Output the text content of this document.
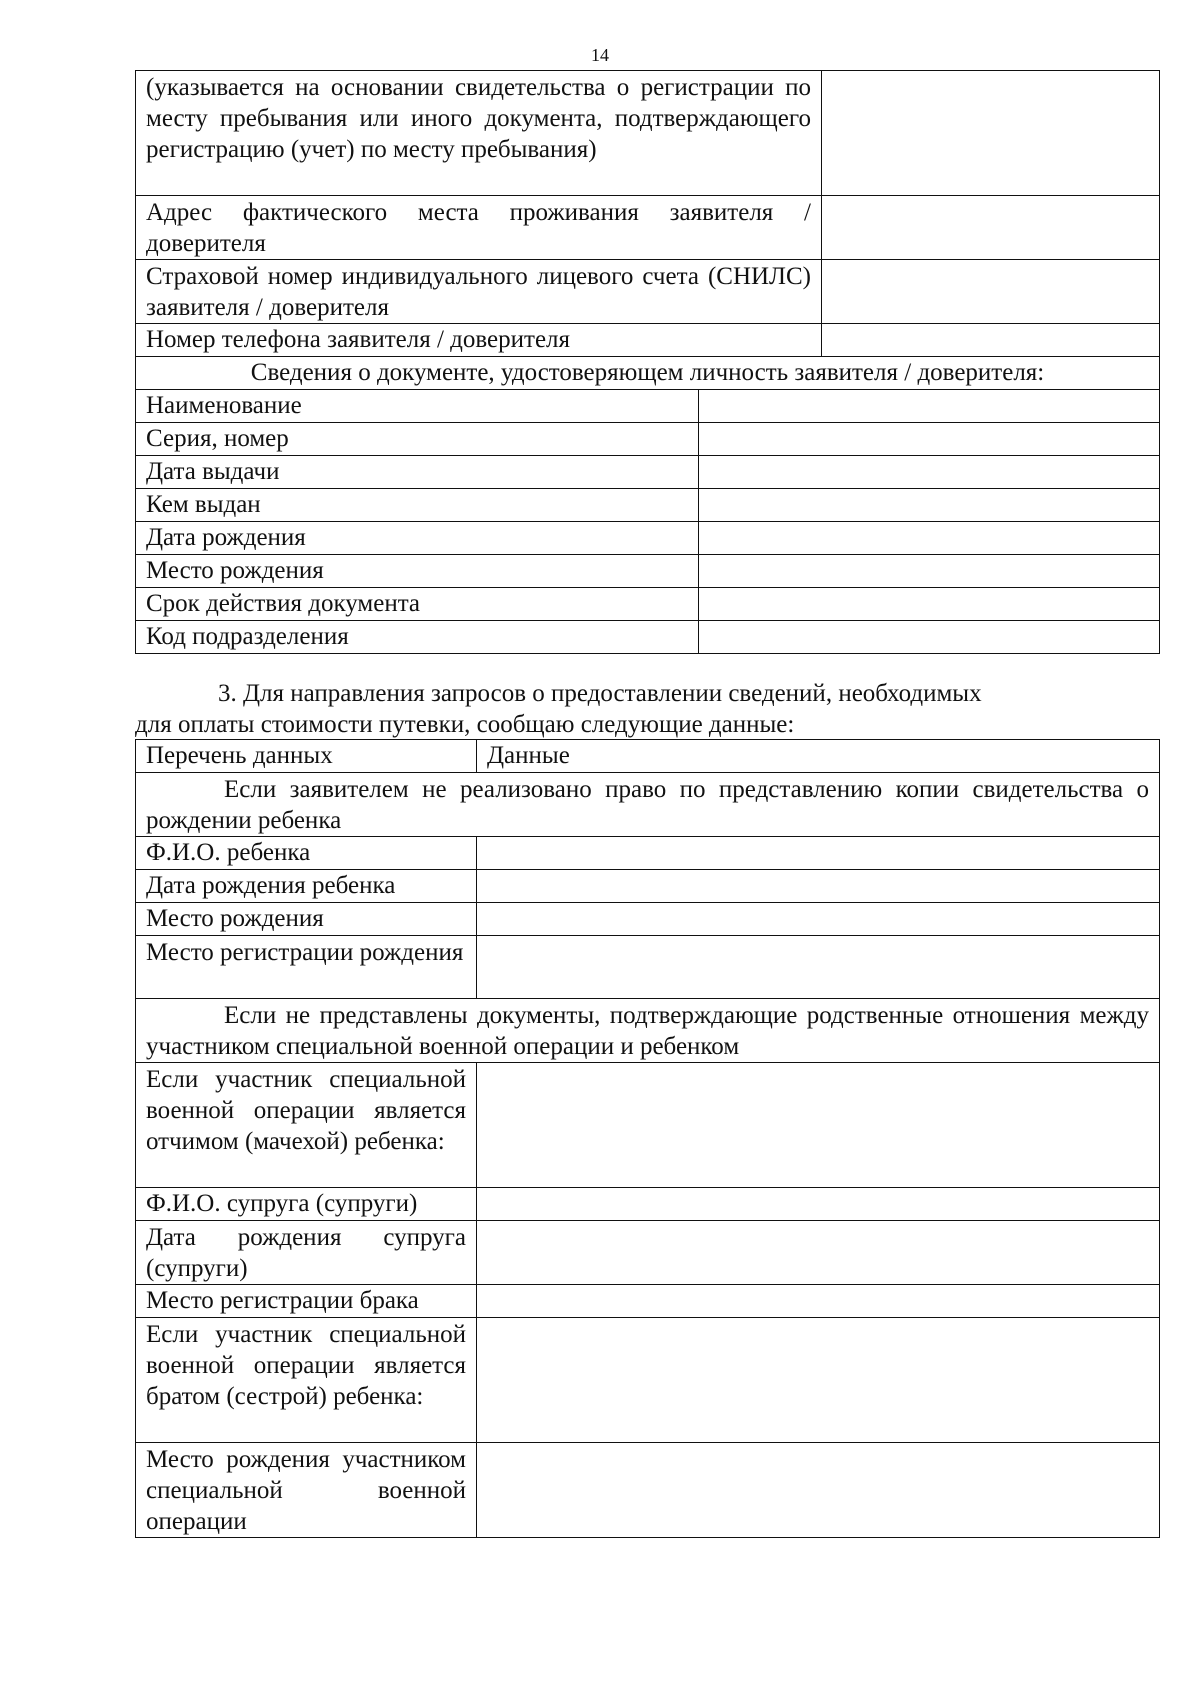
14
(указывается на основании свидетельства о регистрации по месту пребывания или иного документа, подтверждающего регистрацию (учет) по месту пребывания)		
Адрес фактического места проживания заявителя / доверителя		
Страховой номер индивидуального лицевого счета (СНИЛС) заявителя / доверителя		
Номер телефона заявителя / доверителя		
Сведения о документе, удостоверяющем личность заявителя / доверителя:		
Наименование		
Серия, номер		
Дата выдачи		
Кем выдан		
Дата рождения		
Место рождения		
Срок действия документа		
Код подразделения		

3. Для направления запросов о предоставлении сведений, необходимых

для оплаты стоимости путевки, сообщаю следующие данные:

Перечень данных	Данные
Если заявителем не реализовано право по представлению копии свидетельства о рождении ребенка	
Ф.И.О. ребенка	
Дата рождения ребенка	
Место рождения	
Место регистрации рождения	
Если не представлены документы, подтверждающие родственные отношения между участником специальной военной операции и ребенком	
Если участник специальной военной операции является отчимом (мачехой) ребенка:	
Ф.И.О. супруга (супруги)	
Дата рождения супруга (супруги)	
Место регистрации брака	
Если участник специальной военной операции является братом (сестрой) ребенка:	
Место рождения участником специальной военной операции	
